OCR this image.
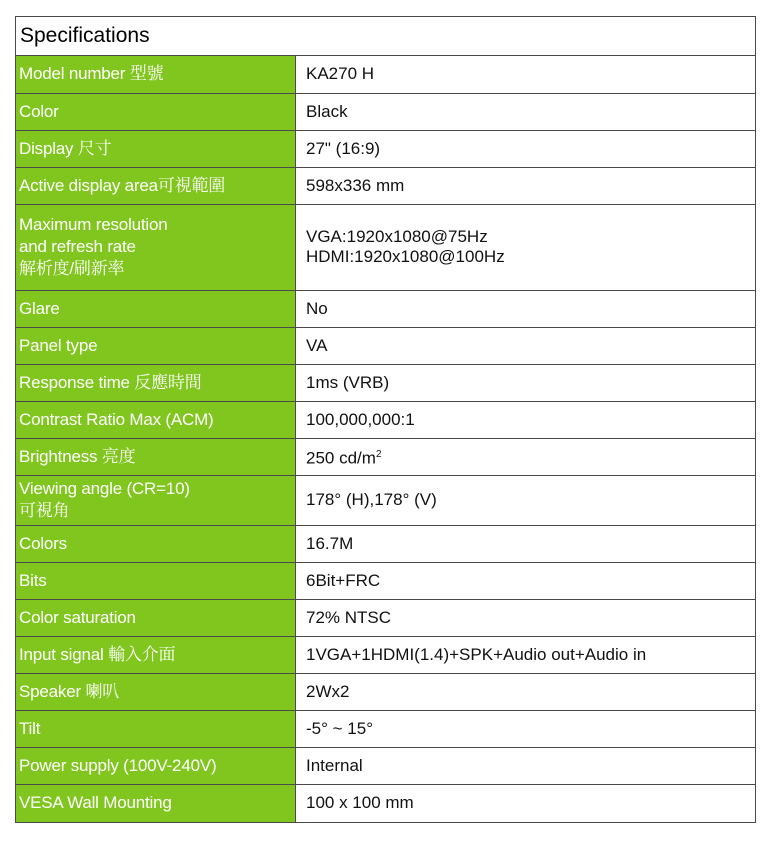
Specifications
Model number 型號	KA270 H
Color	Black
Display 尺寸	27" (16:9)
Active display area可視範圍	598x336 mm
Maximum resolution
and refresh rate
解析度/刷新率	VGA:1920x1080@75Hz
HDMI:1920x1080@100Hz
Glare	No
Panel type	VA
Response time 反應時間	1ms (VRB)
Contrast Ratio Max (ACM)	100,000,000:1
Brightness 亮度	250 $cd/m^2$
Viewing angle (CR=10)
可視角	178° (H),178° (V)
Colors	16.7M
Bits	6Bit+FRC
Color saturation	72% NTSC
Input signal 輸入介面	1VGA+1HDMI(1.4)+SPK+Audio out+Audio in
Speaker 喇叭	2Wx2
Tilt	-5° ~ 15°
Power supply (100V-240V)	Internal
VESA Wall Mounting	100 x 100 mm
